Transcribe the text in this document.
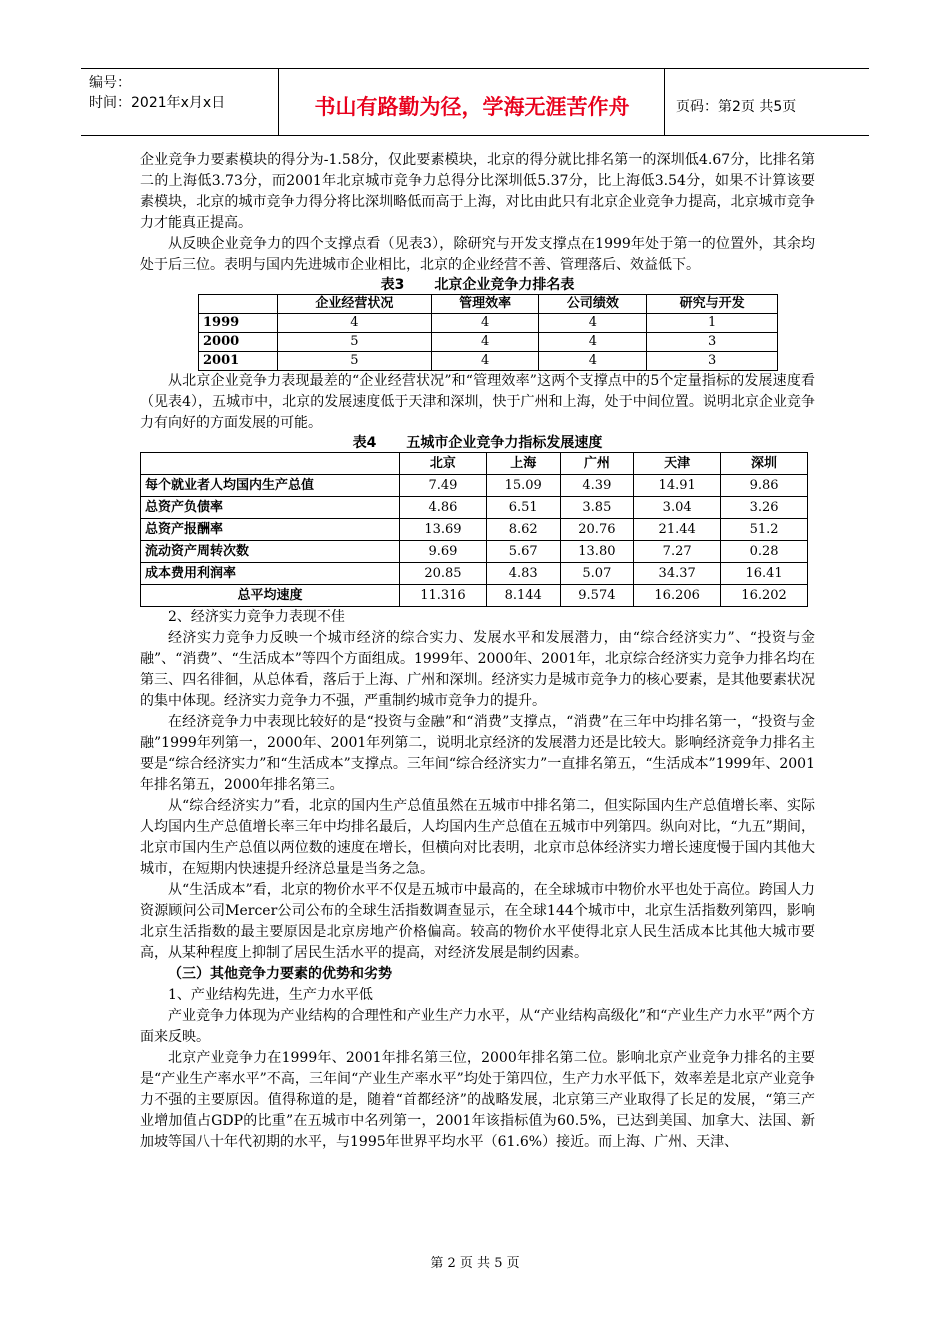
编号：
时间：2021年x月x日	书山有路勤为径，学海无涯苦作舟	页码：第2页 共5页

企业竞争力要素模块的得分为-1.58分，仅此要素模块，北京的得分就比排名第一的深圳低4.67分，比排名第二的上海低3.73分，而2001年北京城市竞争力总得分比深圳低5.37分，比上海低3.54分，如果不计算该要素模块，北京的城市竞争力得分将比深圳略低而高于上海，对比由此只有北京企业竞争力提高，北京城市竞争力才能真正提高。

从反映企业竞争力的四个支撑点看（见表3），除研究与开发支撑点在1999年处于第一的位置外，其余均处于后三位。表明与国内先进城市企业相比，北京的企业经营不善、管理落后、效益低下。

表3 北京企业竞争力排名表
	企业经营状况	管理效率	公司绩效	研究与开发
1999	4	4	4	1
2000	5	4	4	3
2001	5	4	4	3

从北京企业竞争力表现最差的“企业经营状况”和“管理效率”这两个支撑点中的5个定量指标的发展速度看（见表4），五城市中，北京的发展速度低于天津和深圳，快于广州和上海，处于中间位置。说明北京企业竞争力有向好的方面发展的可能。

表4 五城市企业竞争力指标发展速度
	北京	上海	广州	天津	深圳
每个就业者人均国内生产总值	7.49	15.09	4.39	14.91	9.86
总资产负债率	4.86	6.51	3.85	3.04	3.26
总资产报酬率	13.69	8.62	20.76	21.44	51.2
流动资产周转次数	9.69	5.67	13.80	7.27	0.28
成本费用利润率	20.85	4.83	5.07	34.37	16.41
总平均速度	11.316	8.144	9.574	16.206	16.202

2、经济实力竞争力表现不佳

经济实力竞争力反映一个城市经济的综合实力、发展水平和发展潜力，由“综合经济实力”、“投资与金融”、“消费”、“生活成本”等四个方面组成。1999年、2000年、2001年，北京综合经济实力竞争力排名均在第三、四名徘徊，从总体看，落后于上海、广州和深圳。经济实力是城市竞争力的核心要素，是其他要素状况的集中体现。经济实力竞争力不强，严重制约城市竞争力的提升。

在经济竞争力中表现比较好的是“投资与金融”和“消费”支撑点，“消费”在三年中均排名第一，“投资与金融”1999年列第一，2000年、2001年列第二，说明北京经济的发展潜力还是比较大。影响经济竞争力排名主要是“综合经济实力”和“生活成本”支撑点。三年间“综合经济实力”一直排名第五，“生活成本”1999年、2001年排名第五，2000年排名第三。

从“综合经济实力”看，北京的国内生产总值虽然在五城市中排名第二，但实际国内生产总值增长率、实际人均国内生产总值增长率三年中均排名最后，人均国内生产总值在五城市中列第四。纵向对比，“九五”期间，北京市国内生产总值以两位数的速度在增长，但横向对比表明，北京市总体经济实力增长速度慢于国内其他大城市，在短期内快速提升经济总量是当务之急。

从“生活成本”看，北京的物价水平不仅是五城市中最高的，在全球城市中物价水平也处于高位。跨国人力资源顾问公司Mercer公司公布的全球生活指数调查显示，在全球144个城市中，北京生活指数列第四，影响北京生活指数的最主要原因是北京房地产价格偏高。较高的物价水平使得北京人民生活成本比其他大城市要高，从某种程度上抑制了居民生活水平的提高，对经济发展是制约因素。

（三）其他竞争力要素的优势和劣势

1、产业结构先进，生产力水平低

产业竞争力体现为产业结构的合理性和产业生产力水平，从“产业结构高级化”和“产业生产力水平”两个方面来反映。

北京产业竞争力在1999年、2001年排名第三位，2000年排名第二位。影响北京产业竞争力排名的主要是“产业生产率水平”不高，三年间“产业生产率水平”均处于第四位，生产力水平低下，效率差是北京产业竞争力不强的主要原因。值得称道的是，随着“首都经济”的战略发展，北京第三产业取得了长足的发展，“第三产业增加值占GDP的比重”在五城市中名列第一，2001年该指标值为60.5%，已达到美国、加拿大、法国、新加坡等国八十年代初期的水平，与1995年世界平均水平（61.6%）接近。而上海、广州、天津、

第 2 页 共 5 页
